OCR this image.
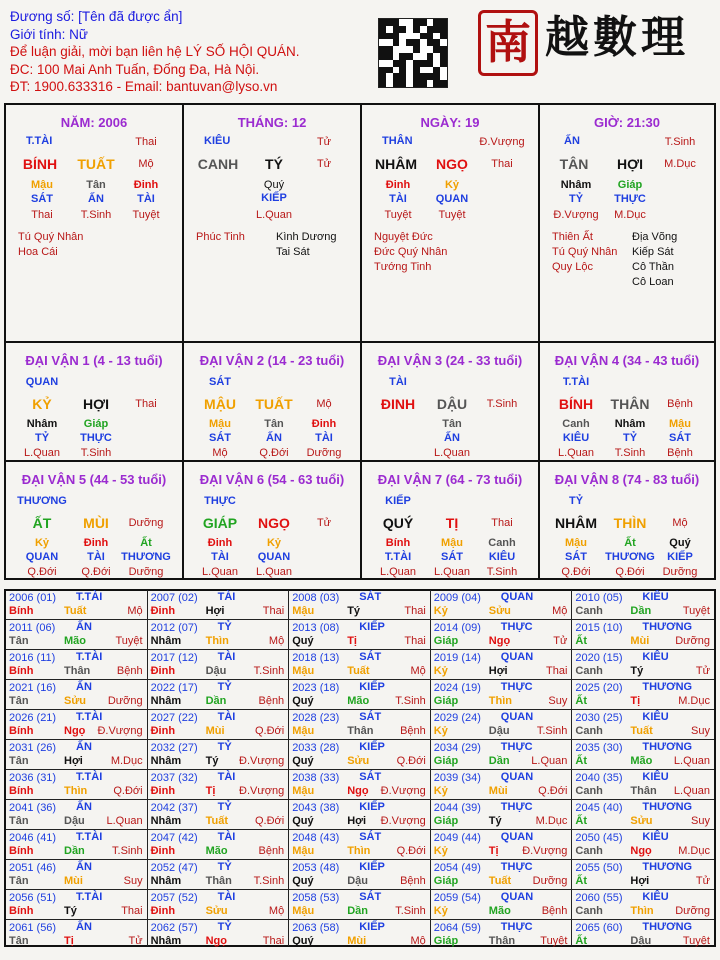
Đương số: [Tên đã được ẩn]
Giới tính: Nữ
Để luận giải, mời bạn liên hệ LÝ SỐ HỘI QUÁN.
ĐC: 100 Mai Anh Tuấn, Đống Đa, Hà Nội.
ĐT: 1900.633316 - Email: bantuvan@lyso.vn
南 越數理
NĂM: 2006
T.TÀI	Thai
BÍNH TUẤT Mộ
Mậu	Tân	Đinh
SÁT	ẤN	TÀI
Thai	T.Sinh Tuyệt
Tú Quý Nhân
Hoa Cái
THÁNG: 12
KIÊU	Tử
CANH TÝ	Tử
Quý
KIẾP
L.Quan
Phúc Tinh	Kình Dương
Tai Sát
NGÀY: 19
THÂN	Đ.Vượng
NHÂM NGỌ Thai
Đinh	Kỷ
TÀI	QUAN
Tuyệt Tuyệt
Nguyệt Đức
Đức Quý Nhân
Tướng Tinh
GIỜ: 21:30
ẤN	T.Sinh
TÂN HỢI M.Dục
Nhâm Giáp
TỶ	THỰC
Đ.Vượng M.Dục
Thiên Ất
Tú Quý Nhân
Quy Lộc
Địa Võng
Kiếp Sát
Cô Thần
Cô Loan
ĐẠI VẬN 1 (4 - 13 tuổi)
QUAN
KỶ HỢI Thai
Nhâm Giáp
TỶ	THỰC
L.Quan T.Sinh
ĐẠI VẬN 2 (14 - 23 tuổi)
SÁT
MẬU TUẤT Mộ
Mậu	Tân	Đinh
SÁT	ẤN	TÀI
Mộ	Q.Đới Dưỡng
ĐẠI VẬN 3 (24 - 33 tuổi)
TÀI
ĐINH DẬU T.Sinh
Tân
ẤN
L.Quan
ĐẠI VẬN 4 (34 - 43 tuổi)
T.TÀI
BÍNH THÂN Bệnh
Canh Nhâm Mậu
KIÊU	TỶ	SÁT
L.Quan T.Sinh Bệnh
ĐẠI VẬN 5 (44 - 53 tuổi)
THƯƠNG
ẤT MÙI Dưỡng
Kỷ	Đinh	Ất
QUAN	TÀI THƯƠNG
Q.Đới Q.Đới Dưỡng
ĐẠI VẬN 6 (54 - 63 tuổi)
THỰC
GIÁP NGỌ Tử
Đinh	Kỷ
TÀI	QUAN
L.Quan L.Quan
ĐẠI VẬN 7 (64 - 73 tuổi)
KIẾP
QUÝ TỊ	Thai
Bính	Mậu Canh
T.TÀI	SÁT KIÊU
L.Quan L.Quan T.Sinh
ĐẠI VẬN 8 (74 - 83 tuổi)
TỶ
NHÂM THÌN Mộ
Mậu	Ất	Quý
SÁT THƯƠNG KIẾP
Q.Đới Q.Đới Dưỡng
2006 (01) T.TÀI
Bính	Tuất	Mộ
2007 (02) TÀI
Đinh	Hợi	Thai
2008 (03) SÁT
Mậu	Tý	Thai
2009 (04) QUAN
Kỷ	Sửu	Mộ
2010 (05) KIÊU
Canh	Dần	Tuyệt
2011 (06) ẤN
Tân	Mão	Tuyệt
2012 (07) TỶ
Nhâm Thìn	Mộ
2013 (08) KIẾP
Quý	Tị	Thai
2014 (09) THỰC
Giáp	Ngọ	Tử
2015 (10) THƯƠNG
Ất	Mùi Dưỡng
2016 (11) T.TÀI
Bính	Thân Bệnh
2017 (12) TÀI
Đinh	Dậu T.Sinh
2018 (13) SÁT
Mậu	Tuất	Mộ
2019 (14) QUAN
Kỷ	Hợi	Thai
2020 (15) KIÊU
Canh	Tý	Tử
2021 (16) ẤN
Tân	Sửu Dưỡng
2022 (17) TỶ
Nhâm Dần	Bệnh
2023 (18) KIẾP
Quý	Mão T.Sinh
2024 (19) THỰC
Giáp	Thìn	Suy
2025 (20) THƯƠNG
Ất	Tị	M.Dục
2026 (21) T.TÀI
Bính	Ngọ Đ.Vượng
2027 (22) TÀI
Đinh	Mùi	Q.Đới
2028 (23) SÁT
Mậu	Thân Bệnh
2029 (24) QUAN
Kỷ	Dậu T.Sinh
2030 (25) KIÊU
Canh	Tuất	Suy
2031 (26) ẤN
Tân	Hợi	M.Dục
2032 (27) TỶ
Nhâm Tý Đ.Vượng
2033 (28) KIẾP
Quý	Sửu Q.Đới
2034 (29) THỰC
Giáp	Dần L.Quan
2035 (30) THƯƠNG
Ất	Mão L.Quan
2036 (31) T.TÀI
Bính	Thìn Q.Đới
2037 (32) TÀI
Đinh	Tị Đ.Vượng
2038 (33) SÁT
Mậu	Ngọ Đ.Vượng
2039 (34) QUAN
Kỷ	Mùi	Q.Đới
2040 (35) KIÊU
Canh	Thân L.Quan
2041 (36) ẤN
Tân	Dậu L.Quan
2042 (37) TỶ
Nhâm Tuất Q.Đới
2043 (38) KIẾP
Quý	Hợi Đ.Vượng
2044 (39) THỰC
Giáp	Tý	M.Dục
2045 (40) THƯƠNG
Ất	Sửu	Suy
2046 (41) T.TÀI
Bính	Dần T.Sinh
2047 (42) TÀI
Đinh	Mão	Bệnh
2048 (43) SÁT
Mậu	Thìn Q.Đới
2049 (44) QUAN
Kỷ	Tị Đ.Vượng
2050 (45) KIÊU
Canh	Ngọ M.Dục
2051 (46) ẤN
Tân	Mùi	Suy
2052 (47) TỶ
Nhâm Thân T.Sinh
2053 (48) KIẾP
Quý	Dậu	Bệnh
2054 (49) THỰC
Giáp	Tuất Dưỡng
2055 (50) THƯƠNG
Ất	Hợi	Tử
2056 (51) T.TÀI
Bính	Tý	Thai
2057 (52) TÀI
Đinh	Sửu	Mộ
2058 (53) SÁT
Mậu	Dần T.Sinh
2059 (54) QUAN
Kỷ	Mão	Bệnh
2060 (55) KIÊU
Canh	Thìn Dưỡng
2061 (56) ẤN
Tân	Tị	Tử
2062 (57) TỶ
Nhâm Ngọ	Thai
2063 (58) KIẾP
Quý	Mùi	Mộ
2064 (59) THỰC
Giáp	Thân Tuyệt
2065 (60) THƯƠNG
Ất	Dậu	Tuyệt
